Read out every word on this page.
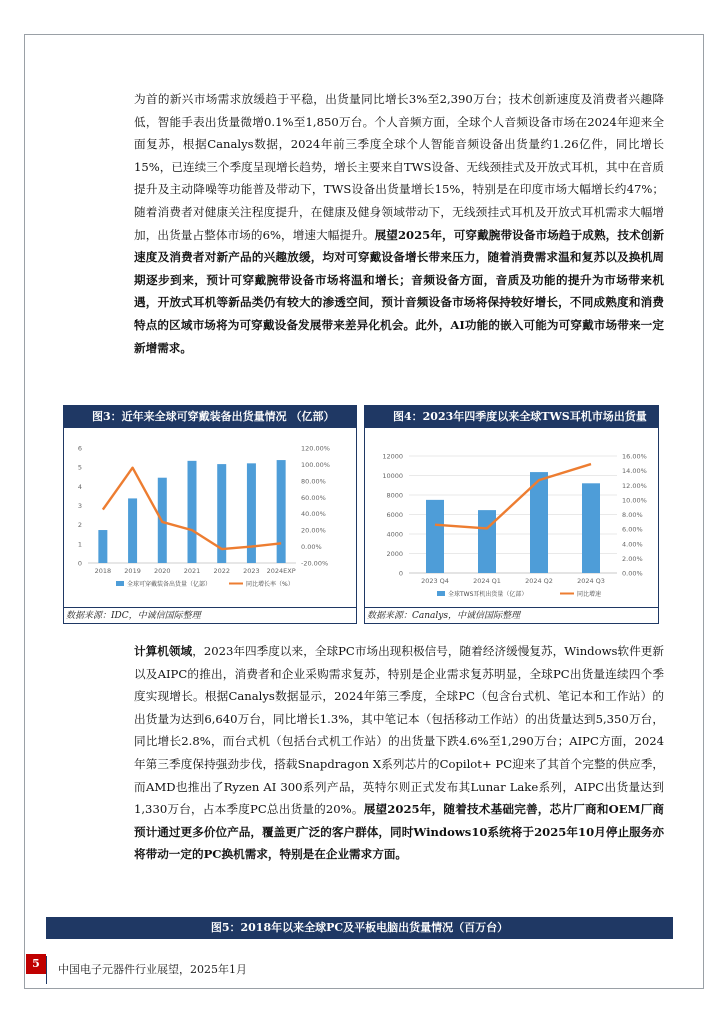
为首的新兴市场需求放缓趋于平稳，出货量同比增长3%至2,390万台；技术创新速度及消费者兴趣降低，智能手表出货量微增0.1%至1,850万台。个人音频方面，全球个人音频设备市场在2024年迎来全面复苏，根据Canalys数据，2024年前三季度全球个人智能音频设备出货量约1.26亿件，同比增长15%，已连续三个季度呈现增长趋势，增长主要来自TWS设备、无线颈挂式及开放式耳机，其中在音质提升及主动降噪等功能普及带动下，TWS设备出货量增长15%，特别是在印度市场大幅增长约47%；随着消费者对健康关注程度提升，在健康及健身领域带动下，无线颈挂式耳机及开放式耳机需求大幅增加，出货量占整体市场的6%，增速大幅提升。展望2025年，可穿戴腕带设备市场趋于成熟，技术创新速度及消费者对新产品的兴趣放缓，均对可穿戴设备增长带来压力，随着消费需求温和复苏以及换机周期逐步到来，预计可穿戴腕带设备市场将温和增长；音频设备方面，音质及功能的提升为市场带来机遇，开放式耳机等新品类仍有较大的渗透空间，预计音频设备市场将保持较好增长，不同成熟度和消费特点的区域市场将为可穿戴设备发展带来差异化机会。此外，AI功能的嵌入可能为可穿戴市场带来一定新增需求。

图3：近年来全球可穿戴装备出货量情况 （亿部）
0
1
2
3
4
5
6
-20.00%
0.00%
20.00%
40.00%
60.00%
80.00%
100.00%
120.00%
2018 2019 2020 2021 2022 2023 2024EXP
全球可穿戴装备出货量（亿部）	同比增长率（%）
数据来源：IDC，中诚信国际整理
图4：2023年四季度以来全球TWS耳机市场出货量
0
2000
4000
6000
8000
10000
12000
0.00%
2.00%
4.00%
6.00%
8.00%
10.00%
12.00%
14.00%
16.00%
2023 Q4	2024 Q1	2024 Q2	2024 Q3
全球TWS耳机出货量（亿部）	同比增速
数据来源：Canalys，中诚信国际整理

计算机领域，2023年四季度以来，全球PC市场出现积极信号，随着经济缓慢复苏，Windows软件更新以及AIPC的推出，消费者和企业采购需求复苏，特别是企业需求复苏明显，全球PC出货量连续四个季度实现增长。根据Canalys数据显示，2024年第三季度，全球PC（包含台式机、笔记本和工作站）的出货量为达到6,640万台，同比增长1.3%，其中笔记本（包括移动工作站）的出货量达到5,350万台，同比增长2.8%，而台式机（包括台式机工作站）的出货量下跌4.6%至1,290万台；AIPC方面，2024年第三季度保持强劲步伐，搭载Snapdragon X系列芯片的Copilot+ PC迎来了其首个完整的供应季，而AMD也推出了Ryzen AI 300系列产品，英特尔则正式发布其Lunar Lake系列，AIPC出货量达到1,330万台，占本季度PC总出货量的20%。展望2025年，随着技术基础完善，芯片厂商和OEM厂商预计通过更多价位产品，覆盖更广泛的客户群体，同时Windows10系统将于2025年10月停止服务亦将带动一定的PC换机需求，特别是在企业需求方面。

图5：2018年以来全球PC及平板电脑出货量情况（百万台）
5	中国电子元器件行业展望，2025年1月
